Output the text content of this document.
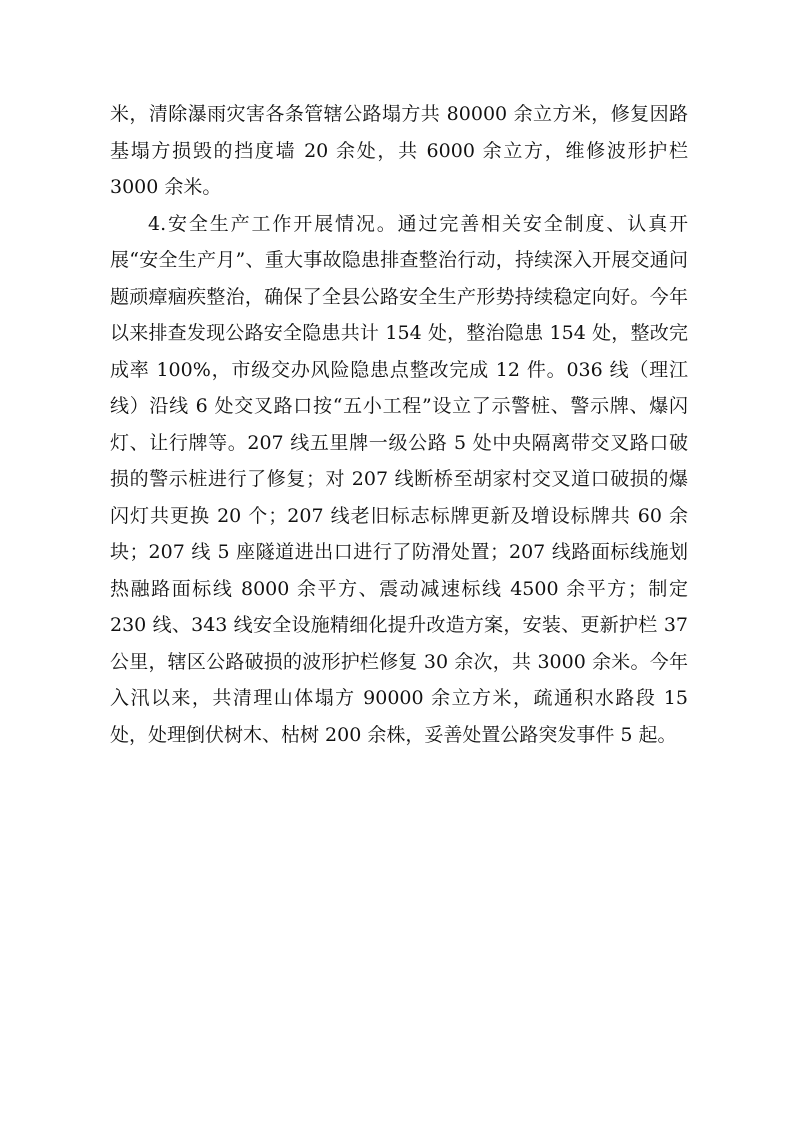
米，清除瀑雨灾害各条管辖公路塌方共 80000 余立方米，修复因路基塌方损毁的挡度墙 20 余处，共 6000 余立方，维修波形护栏 3000 余米。

4.安全生产工作开展情况。通过完善相关安全制度、认真开展“安全生产月”、重大事故隐患排查整治行动，持续深入开展交通问题顽瘴痼疾整治，确保了全县公路安全生产形势持续稳定向好。今年以来排查发现公路安全隐患共计 154 处，整治隐患 154 处，整改完成率 100%，市级交办风险隐患点整改完成 12 件。036 线（理江线）沿线 6 处交叉路口按“五小工程”设立了示警桩、警示牌、爆闪灯、让行牌等。207 线五里牌一级公路 5 处中央隔离带交叉路口破损的警示桩进行了修复；对 207 线断桥至胡家村交叉道口破损的爆闪灯共更换 20 个；207 线老旧标志标牌更新及增设标牌共 60 余块；207 线 5 座隧道进出口进行了防滑处置；207 线路面标线施划热融路面标线 8000 余平方、震动减速标线 4500 余平方；制定 230 线、343 线安全设施精细化提升改造方案，安装、更新护栏 37 公里，辖区公路破损的波形护栏修复 30 余次，共 3000 余米。今年入汛以来，共清理山体塌方 90000 余立方米，疏通积水路段 15 处，处理倒伏树木、枯树 200 余株，妥善处置公路突发事件 5 起。
